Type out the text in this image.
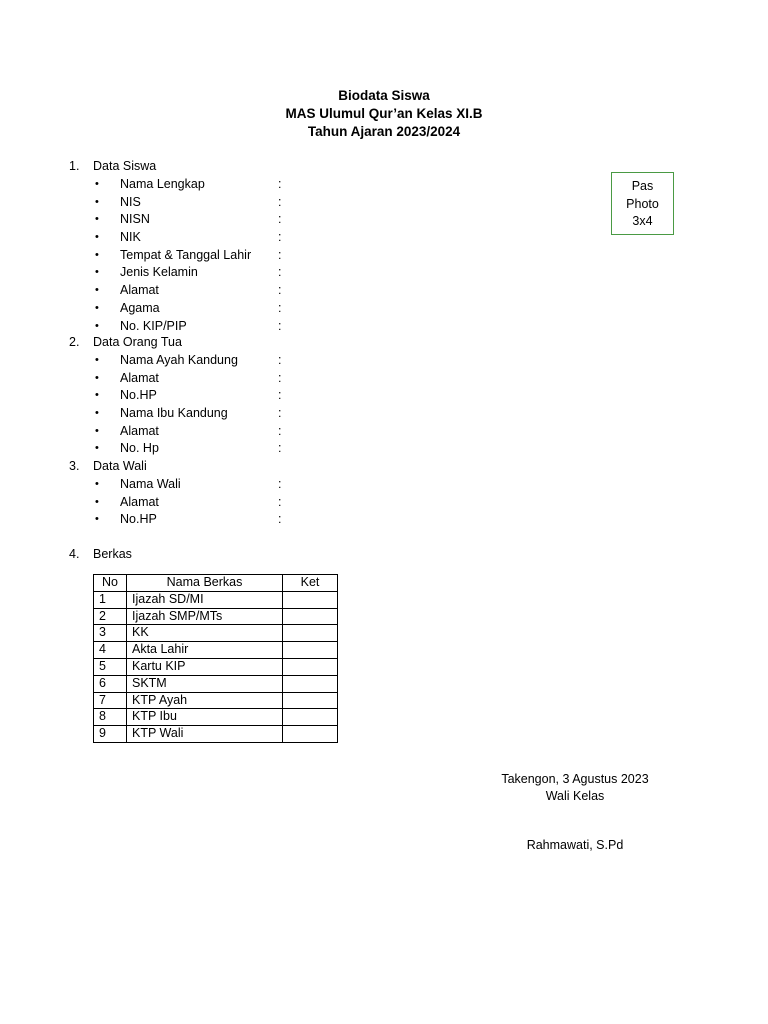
Biodata Siswa
MAS Ulumul Qur’an Kelas XI.B
Tahun Ajaran 2023/2024
1. Data Siswa
• Nama Lengkap	:
• NIS	:
• NISN	:
• NIK	:
• Tempat & Tanggal Lahir :
• Jenis Kelamin	:
• Alamat	:
• Agama	:
• No. KIP/PIP	:
2. Data Orang Tua
• Nama Ayah Kandung	:
• Alamat	:
• No.HP	:
• Nama Ibu Kandung	:
• Alamat	:
• No. Hp	:
3. Data Wali
• Nama Wali	:
• Alamat	:
• No.HP	:
4. Berkas
Pas
Photo
3x4
No	Nama Berkas	Ket
1	Ijazah SD/MI	
2	Ijazah SMP/MTs	
3	KK	
4	Akta Lahir	
5	Kartu KIP	
6	SKTM	
7	KTP Ayah	
8	KTP Ibu	
9	KTP Wali	
Takengon, 3 Agustus 2023
Wali Kelas
Rahmawati, S.Pd
